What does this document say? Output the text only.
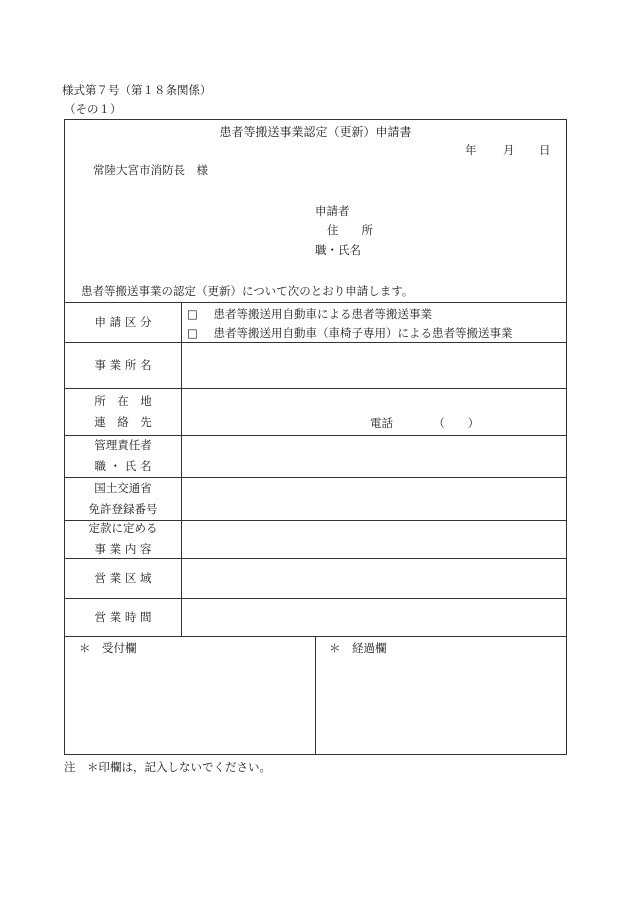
様式第７号（第１８条関係）
（その１）
患者等搬送事業認定（更新）申請書
年 月 日
常陸大宮市消防長　様
申請者
住　　所
職・氏名
患者等搬送事業の認定（更新）について次のとおり申請します。
申 請 区 分
□ 患者等搬送用自動車による患者等搬送事業
□ 患者等搬送用自動車（車椅子専用）による患者等搬送事業
事 業 所 名
所　在　地
連　絡　先	電話　　　　（　　）
管理責任者
職 ・ 氏 名
国土交通省
免許登録番号
定款に定める
事 業 内 容
営 業 区 域
営 業 時 間
＊　受付欄	＊　経過欄
注　＊印欄は，記入しないでください。
